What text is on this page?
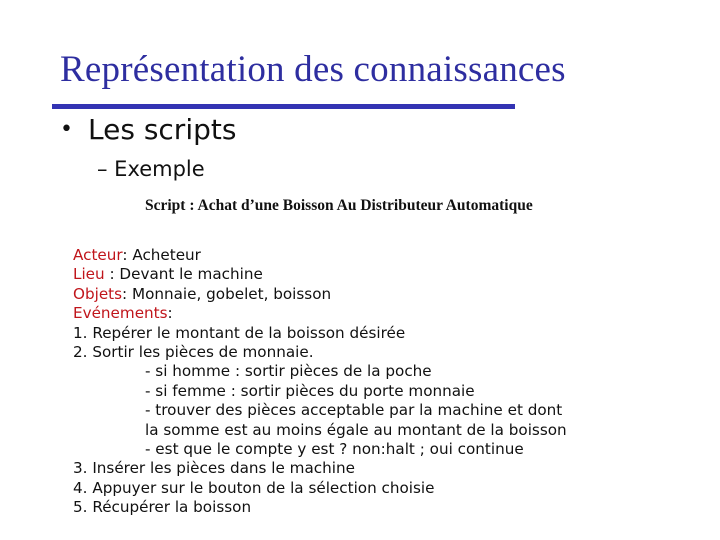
Représentation des connaissances
• Les scripts
– Exemple
Script : Achat d’une Boisson Au Distributeur Automatique
Acteur: Acheteur
Lieu : Devant le machine
Objets: Monnaie, gobelet, boisson
Evénements:
1. Repérer le montant de la boisson désirée
2. Sortir les pièces de monnaie.
- si homme : sortir pièces de la poche
- si femme : sortir pièces du porte monnaie
- trouver des pièces acceptable par la machine et dont
la somme est au moins égale au montant de la boisson
- est que le compte y est ? non:halt ; oui continue
3. Insérer les pièces dans le machine
4. Appuyer sur le bouton de la sélection choisie
5. Récupérer la boisson
